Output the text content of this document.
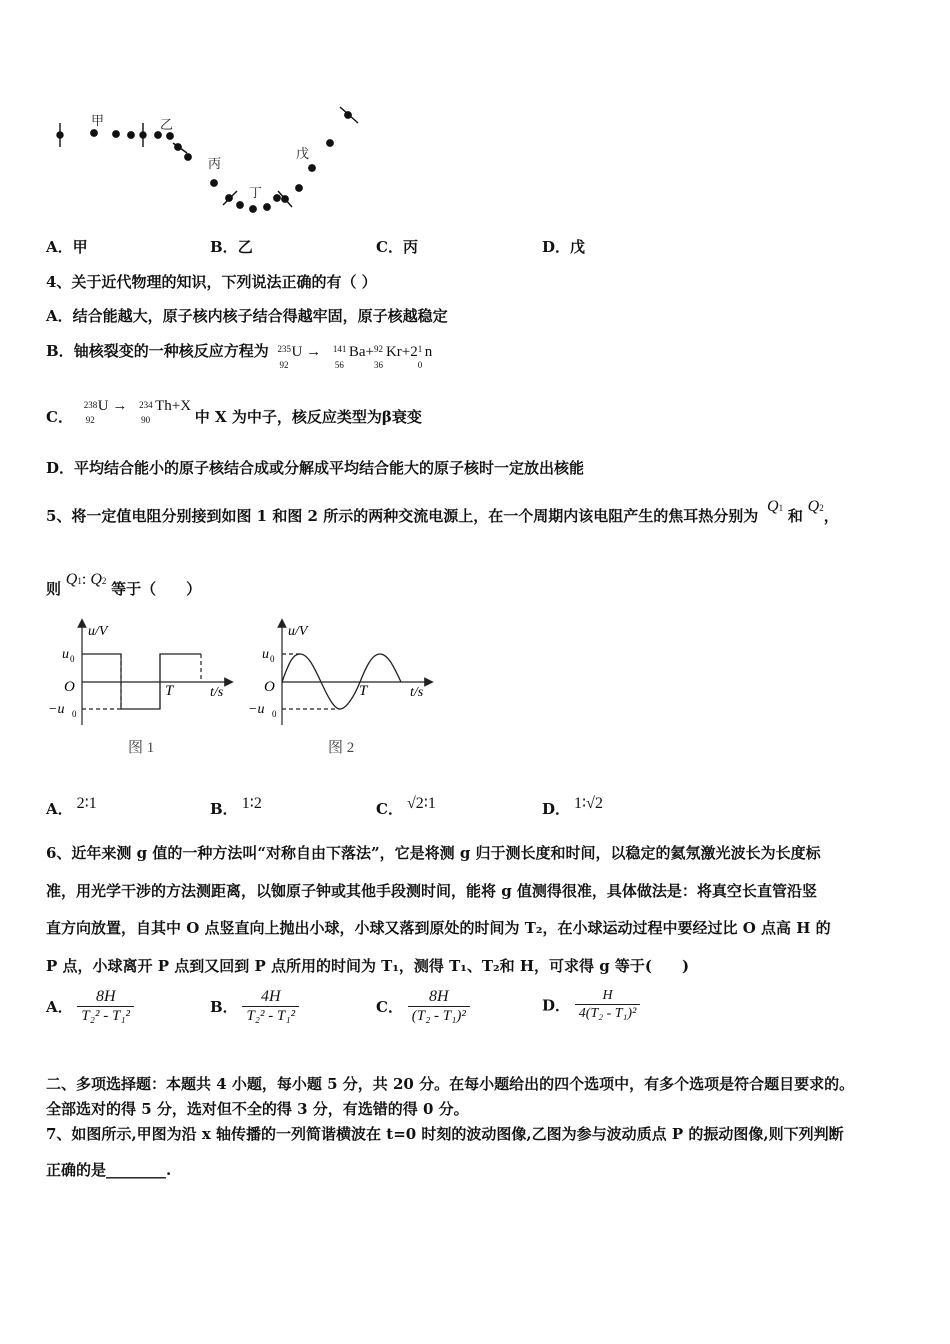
甲	乙
丙
丁
戊
A．甲	B．乙	C．丙	D．戊
4、关于近代物理的知识，下列说法正确的有（ ）
A．结合能越大，原子核内核子结合得越牢固，原子核越稳定
B．铀核裂变的一种核反应方程为 235
92
U → 141
56
Ba+ 92
36
Kr+2 1
0
n
C．
238
92
U → 234
90
Th+X 中 X 为中子，核反应类型为β衰变
D．平均结合能小的原子核结合成或分解成平均结合能大的原子核时一定放出核能
5、将一定值电阻分别接到如图 1 和图 2 所示的两种交流电源上，在一个周期内该电阻产生的焦耳热分别为 Q1 和 Q2，
则 Q1: Q2 等于（　　）
u/V
u 0
O
−u 0
T	t/s
图 1
u/V
u 0
O
−u 0
T	t/s
图 2
A． 2∶1	B． 1∶2	C． √2∶1	D． 1∶√2
6、近年来测 g 值的一种方法叫“对称自由下落法”，它是将测 g 归于测长度和时间，以稳定的氦氖激光波长为长度标
准，用光学干涉的方法测距离，以铷原子钟或其他手段测时间，能将 g 值测得很准，具体做法是：将真空长直管沿竖
直方向放置，自其中 O 点竖直向上抛出小球，小球又落到原处的时间为 T₂，在小球运动过程中要经过比 O 点高 H 的
P 点，小球离开 P 点到又回到 P 点所用的时间为 T₁，测得 T₁、T₂和 H，可求得 g 等于(　　)
A． $\frac{8H}{\text{T₂² - T₁²}}$	B． $\frac{4H}{\text{T₂² - T₁²}}$	C． $\frac{8H}{\text{(T₂ - T₁)²}}$	D． $\frac{H}{\text{4(T₂ - T₁)²}}$
二、多项选择题：本题共 4 小题，每小题 5 分，共 20 分。在每小题给出的四个选项中，有多个选项是符合题目要求的。
全部选对的得 5 分，选对但不全的得 3 分，有选错的得 0 分。
7、如图所示,甲图为沿 x 轴传播的一列简谐横波在 t=0 时刻的波动图像,乙图为参与波动质点 P 的振动图像,则下列判断
正确的是________.
